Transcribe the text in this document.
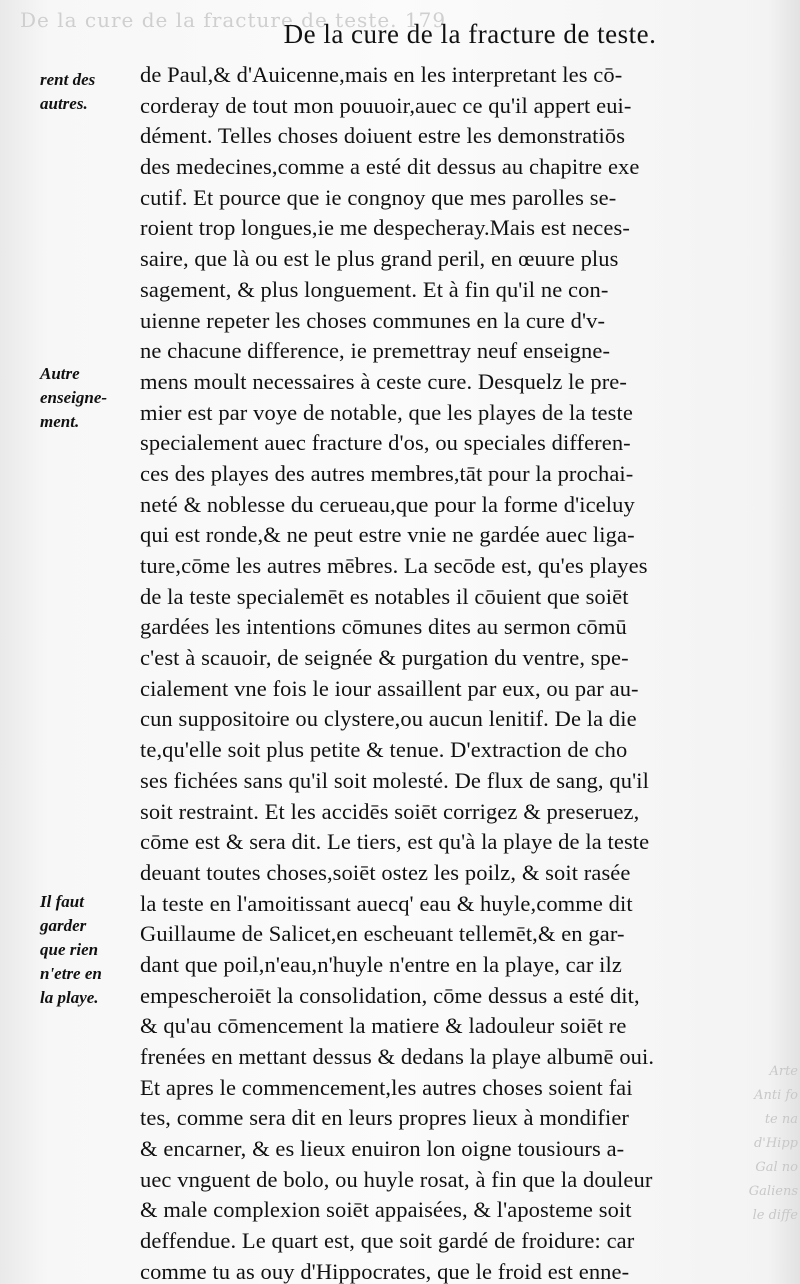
De la cure de la fracture de teste. 179
De la cure de la fracture de teste.
rent des
autres.
Autre
enseigne-
ment.
Il faut
garder
que rien
n'etre en
la playe.
de Paul,& d'Auicenne,mais en les interpretant les cō-
corderay de tout mon pouuoir,auec ce qu'il appert eui-
dément. Telles choses doiuent estre les demonstratiōs
des medecines,comme a esté dit dessus au chapitre exe
cutif. Et pource que ie congnoy que mes parolles se-
roient trop longues,ie me despecheray.Mais est neces-
saire, que là ou est le plus grand peril, en œuure plus
sagement, & plus longuement. Et à fin qu'il ne con-
uienne repeter les choses communes en la cure d'v-
ne chacune difference, ie premettray neuf enseigne-
mens moult necessaires à ceste cure. Desquelz le pre-
mier est par voye de notable, que les playes de la teste
specialement auec fracture d'os, ou speciales differen-
ces des playes des autres membres,tāt pour la prochai-
neté & noblesse du cerueau,que pour la forme d'iceluy
qui est ronde,& ne peut estre vnie ne gardée auec liga-
ture,cōme les autres mēbres. La secōde est, qu'es playes
de la teste specialemēt es notables il cōuient que soiēt
gardées les intentions cōmunes dites au sermon cōmū
c'est à scauoir, de seignée & purgation du ventre, spe-
cialement vne fois le iour assaillent par eux, ou par au-
cun suppositoire ou clystere,ou aucun lenitif. De la die
te,qu'elle soit plus petite & tenue. D'extraction de cho
ses fichées sans qu'il soit molesté. De flux de sang, qu'il
soit restraint. Et les accidēs soiēt corrigez & preseruez,
cōme est & sera dit. Le tiers, est qu'à la playe de la teste
deuant toutes choses,soiēt ostez les poilz, & soit rasée
la teste en l'amoitissant auecq' eau & huyle,comme dit
Guillaume de Salicet,en escheuant tellemēt,& en gar-
dant que poil,n'eau,n'huyle n'entre en la playe, car ilz
empescheroiēt la consolidation, cōme dessus a esté dit,
& qu'au cōmencement la matiere & ladouleur soiēt re
frenées en mettant dessus & dedans la playe albumē oui.
Et apres le commencement,les autres choses soient fai
tes, comme sera dit en leurs propres lieux à mondifier
& encarner, & es lieux enuiron lon oigne tousiours a-
uec vnguent de bolo, ou huyle rosat, à fin que la douleur
& male complexion soiēt appaisées, & l'aposteme soit
deffendue. Le quart est, que soit gardé de froidure: car
comme tu as ouy d'Hippocrates, que le froid est enne-
Arte
Anti fo
te na
d'Hipp
Gal no
Galiens
le diffe
